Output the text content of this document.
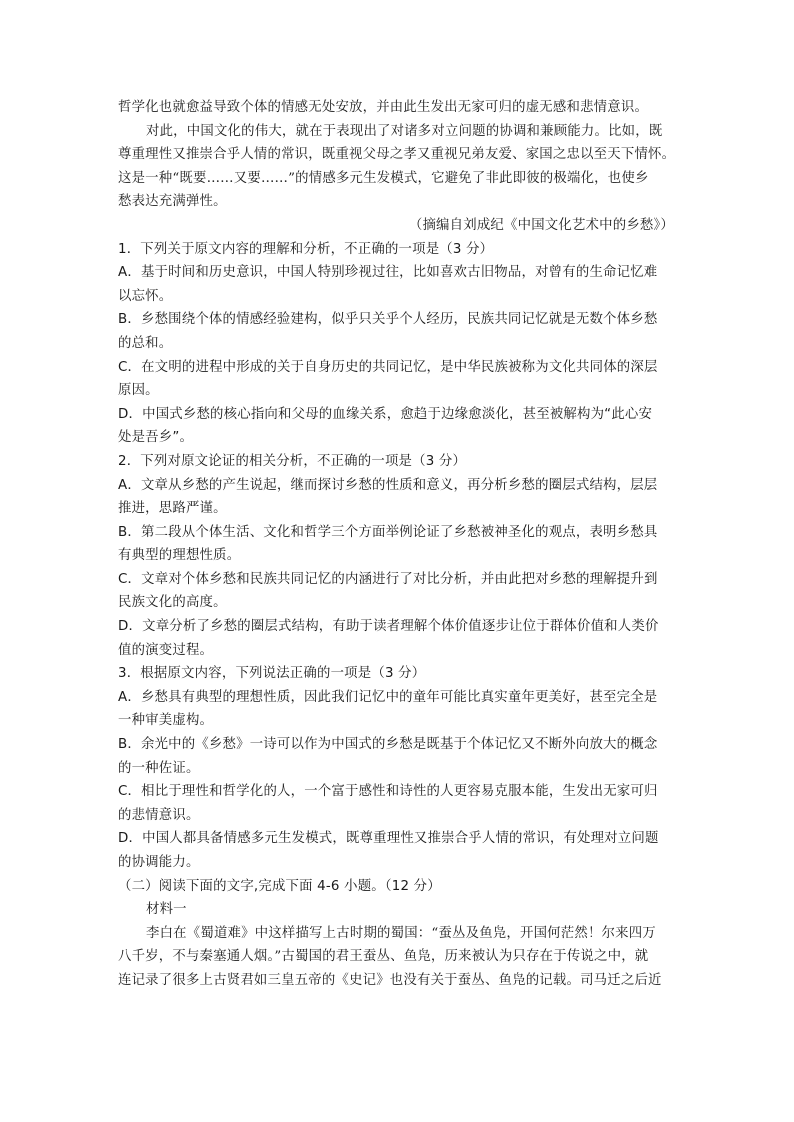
哲学化也就愈益导致个体的情感无处安放，并由此生发出无家可归的虚无感和悲情意识。
对此，中国文化的伟大，就在于表现出了对诸多对立问题的协调和兼顾能力。比如，既
尊重理性又推崇合乎人情的常识，既重视父母之孝又重视兄弟友爱、家国之忠以至天下情怀。
这是一种“既要……又要……”的情感多元生发模式，它避免了非此即彼的极端化，也使乡
愁表达充满弹性。
（摘编自刘成纪《中国文化艺术中的乡愁》）
1．下列关于原文内容的理解和分析，不正确的一项是（3 分）
A．基于时间和历史意识，中国人特别珍视过往，比如喜欢古旧物品，对曾有的生命记忆难
以忘怀。
B．乡愁围绕个体的情感经验建构，似乎只关乎个人经历，民族共同记忆就是无数个体乡愁
的总和。
C．在文明的进程中形成的关于自身历史的共同记忆，是中华民族被称为文化共同体的深层
原因。
D．中国式乡愁的核心指向和父母的血缘关系，愈趋于边缘愈淡化，甚至被解构为“此心安
处是吾乡”。
2．下列对原文论证的相关分析，不正确的一项是（3 分）
A．文章从乡愁的产生说起，继而探讨乡愁的性质和意义，再分析乡愁的圈层式结构，层层
推进，思路严谨。
B．第二段从个体生活、文化和哲学三个方面举例论证了乡愁被神圣化的观点，表明乡愁具
有典型的理想性质。
C．文章对个体乡愁和民族共同记忆的内涵进行了对比分析，并由此把对乡愁的理解提升到
民族文化的高度。
D．文章分析了乡愁的圈层式结构，有助于读者理解个体价值逐步让位于群体价值和人类价
值的演变过程。
3．根据原文内容，下列说法正确的一项是（3 分）
A．乡愁具有典型的理想性质，因此我们记忆中的童年可能比真实童年更美好，甚至完全是
一种审美虚构。
B．余光中的《乡愁》一诗可以作为中国式的乡愁是既基于个体记忆又不断外向放大的概念
的一种佐证。
C．相比于理性和哲学化的人，一个富于感性和诗性的人更容易克服本能，生发出无家可归
的悲情意识。
D．中国人都具备情感多元生发模式，既尊重理性又推崇合乎人情的常识，有处理对立问题
的协调能力。
（二）阅读下面的文字,完成下面 4-6 小题。（12 分）
材料一
李白在《蜀道难》中这样描写上古时期的蜀国：“蚕丛及鱼凫，开国何茫然！尔来四万
八千岁，不与秦塞通人烟。”古蜀国的君王蚕丛、鱼凫，历来被认为只存在于传说之中，就
连记录了很多上古贤君如三皇五帝的《史记》也没有关于蚕丛、鱼凫的记载。司马迁之后近
